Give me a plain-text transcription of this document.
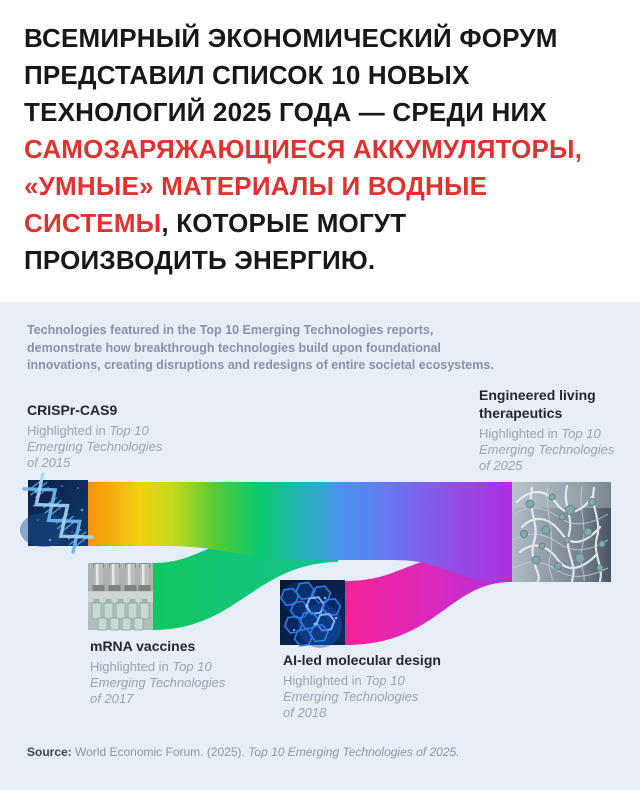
ВСЕМИРНЫЙ ЭКОНОМИЧЕСКИЙ ФОРУМ
ПРЕДСТАВИЛ СПИСОК 10 НОВЫХ
ТЕХНОЛОГИЙ 2025 ГОДА — СРЕДИ НИХ
САМОЗАРЯЖАЮЩИЕСЯ АККУМУЛЯТОРЫ,
«УМНЫЕ» МАТЕРИАЛЫ И ВОДНЫЕ
СИСТЕМЫ, КОТОРЫЕ МОГУТ
ПРОИЗВОДИТЬ ЭНЕРГИЮ.
Technologies featured in the Top 10 Emerging Technologies reports,
demonstrate how breakthrough technologies build upon foundational
innovations, creating disruptions and redesigns of entire societal ecosystems.
CRISPr-CAS9
Highlighted in Top 10
Emerging Technologies
of 2015
Engineered living
therapeutics
Highlighted in Top 10
Emerging Technologies
of 2025
mRNA vaccines
Highlighted in Top 10
Emerging Technologies
of 2017
AI-led molecular design
Highlighted in Top 10
Emerging Technologies
of 2018
Source: World Economic Forum. (2025). Top 10 Emerging Technologies of 2025.
